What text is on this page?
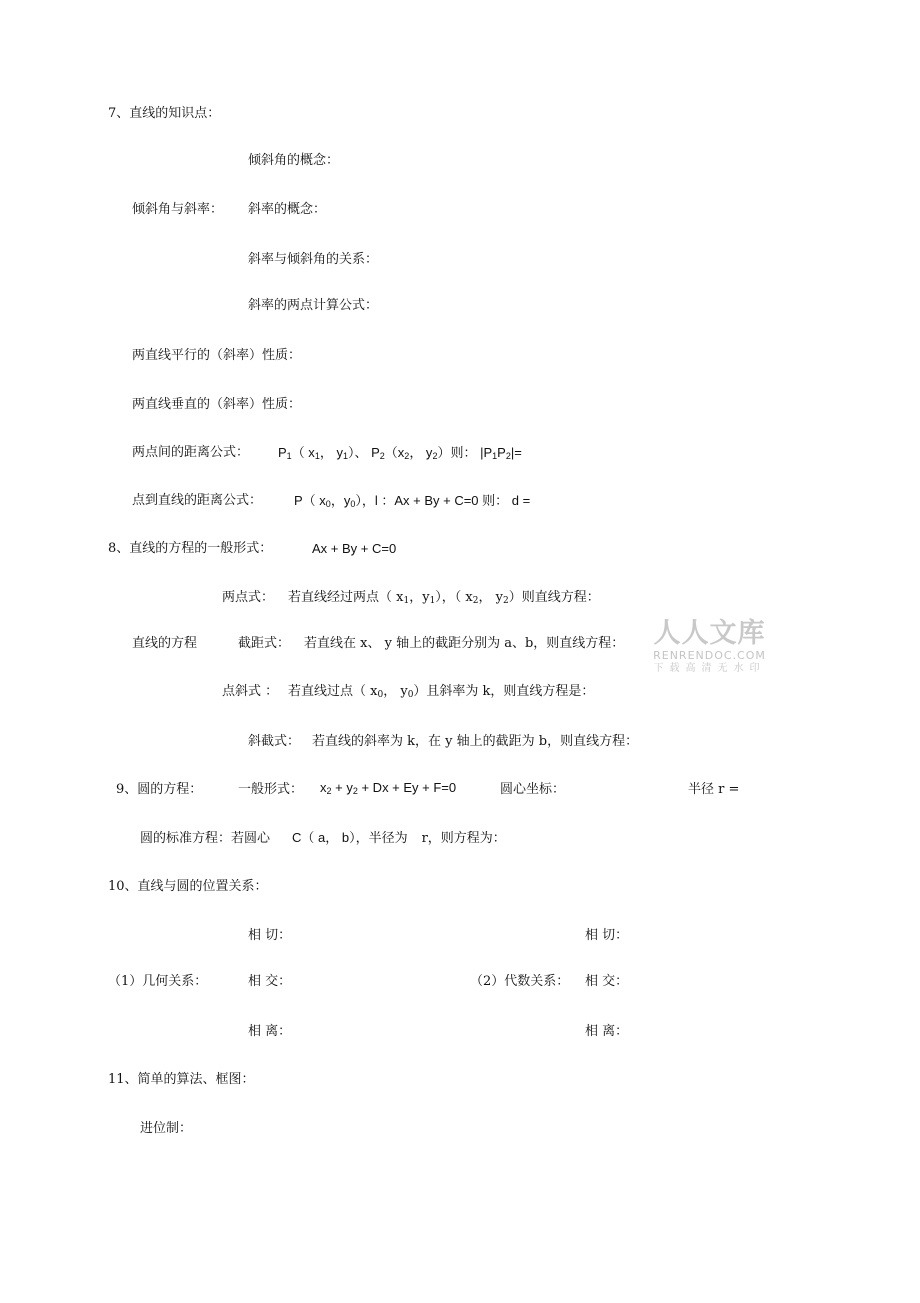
7、直线的知识点：
倾斜角的概念：
倾斜角与斜率： 斜率的概念：
斜率与倾斜角的关系：
斜率的两点计算公式：
两直线平行的（斜率）性质：
两直线垂直的（斜率）性质：
两点间的距离公式： $P_1$（ $x_1$， $y_1$）、 $P_2(x_2$， $y_2$）则： $|P_1P_2|=$
点到直线的距离公式： P（ $x_0$，$y_0$），l ：Ax + By + C=0 则： d =
8、直线的方程的一般形式：	Ax + By + C=0
两点式： 若直线经过两点（ $x_1$，$y_1$），（ $x_2$， $y_2$）则直线方程：
直线的方程	截距式： 若直线在 x、 y 轴上的截距分别为 a、b，则直线方程：
点斜式 ： 若直线过点（ $x_0$， $y_0$）且斜率为 k，则直线方程是：
斜截式： 若直线的斜率为 k，在 y 轴上的截距为 b，则直线方程：
人人文库
RENRENDOC.COM
下载高清无水印
9、圆的方程：	一般形式： $x_2 + y_2 + Dx + Ey + F=0$	圆心坐标：	半径 r =
圆的标准方程：若圆心 C（ a， b），半径为 r，则方程为：
10、直线与圆的位置关系：
相 切：	相 切：
（1）几何关系：	相 交：	（2）代数关系： 相 交：
相 离：	相 离：
11、简单的算法、框图：
进位制：
